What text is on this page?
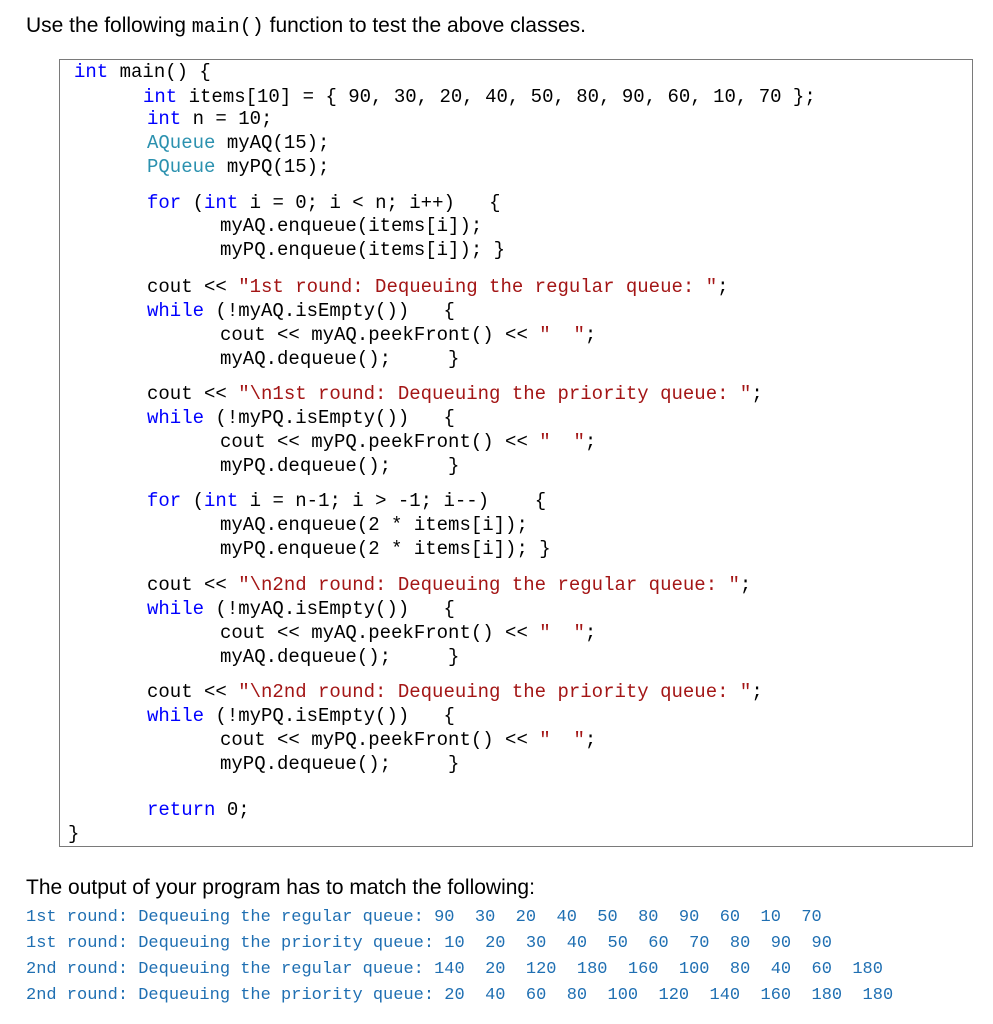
Use the following main() function to test the above classes.

int main() {

int items[10] = { 90, 30, 20, 40, 50, 80, 90, 60, 10, 70 };

int n = 10;

AQueue myAQ(15);

PQueue myPQ(15);

for (int i = 0; i < n; i++)   {

myAQ.enqueue(items[i]);

myPQ.enqueue(items[i]); }

cout << "1st round: Dequeuing the regular queue: ";

while (!myAQ.isEmpty())   {

cout << myAQ.peekFront() << "  ";

myAQ.dequeue();     }

cout << "\n1st round: Dequeuing the priority queue: ";

while (!myPQ.isEmpty())   {

cout << myPQ.peekFront() << "  ";

myPQ.dequeue();     }

for (int i = n-1; i > -1; i--)    {

myAQ.enqueue(2 * items[i]);

myPQ.enqueue(2 * items[i]); }

cout << "\n2nd round: Dequeuing the regular queue: ";

while (!myAQ.isEmpty())   {

cout << myAQ.peekFront() << "  ";

myAQ.dequeue();     }

cout << "\n2nd round: Dequeuing the priority queue: ";

while (!myPQ.isEmpty())   {

cout << myPQ.peekFront() << "  ";

myPQ.dequeue();     }

return 0;

}

The output of your program has to match the following:
1st round: Dequeuing the regular queue: 90  30  20  40  50  80  90  60  10  70
1st round: Dequeuing the priority queue: 10  20  30  40  50  60  70  80  90  90
2nd round: Dequeuing the regular queue: 140  20  120  180  160  100  80  40  60  180
2nd round: Dequeuing the priority queue: 20  40  60  80  100  120  140  160  180  180
